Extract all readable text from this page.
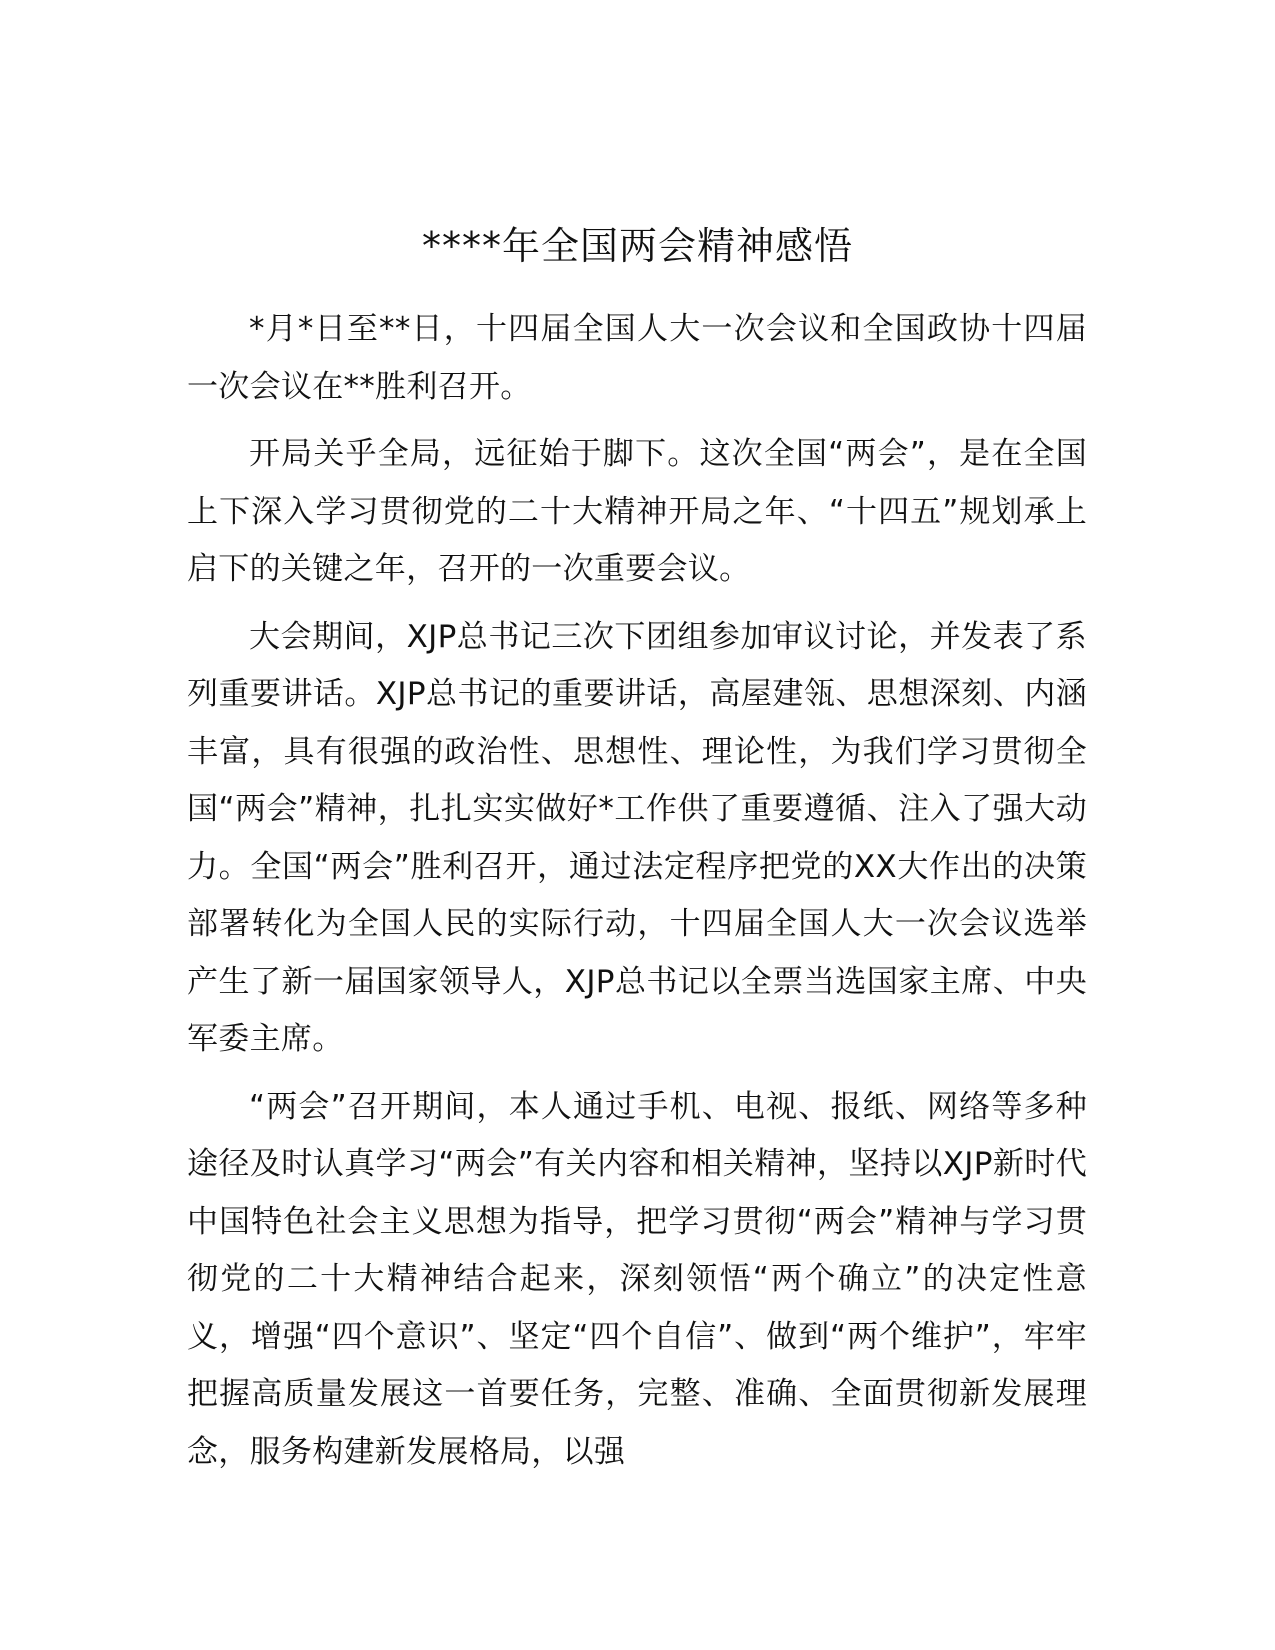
****年全国两会精神感悟

*月*日至**日，十四届全国人大一次会议和全国政协十四届一次会议在**胜利召开。

开局关乎全局，远征始于脚下。这次全国“两会”，是在全国上下深入学习贯彻党的二十大精神开局之年、“十四五”规划承上启下的关键之年，召开的一次重要会议。

大会期间，XJP总书记三次下团组参加审议讨论，并发表了系列重要讲话。XJP总书记的重要讲话，高屋建瓴、思想深刻、内涵丰富，具有很强的政治性、思想性、理论性，为我们学习贯彻全国“两会”精神，扎扎实实做好*工作供了重要遵循、注入了强大动力。全国“两会”胜利召开，通过法定程序把党的XX大作出的决策部署转化为全国人民的实际行动，十四届全国人大一次会议选举产生了新一届国家领导人，XJP总书记以全票当选国家主席、中央军委主席。

“两会”召开期间，本人通过手机、电视、报纸、网络等多种途径及时认真学习“两会”有关内容和相关精神，坚持以XJP新时代中国特色社会主义思想为指导，把学习贯彻“两会”精神与学习贯彻党的二十大精神结合起来，深刻领悟“两个确立”的决定性意义，增强“四个意识”、坚定“四个自信”、做到“两个维护”，牢牢把握高质量发展这一首要任务，完整、准确、全面贯彻新发展理念，服务构建新发展格局，以强
